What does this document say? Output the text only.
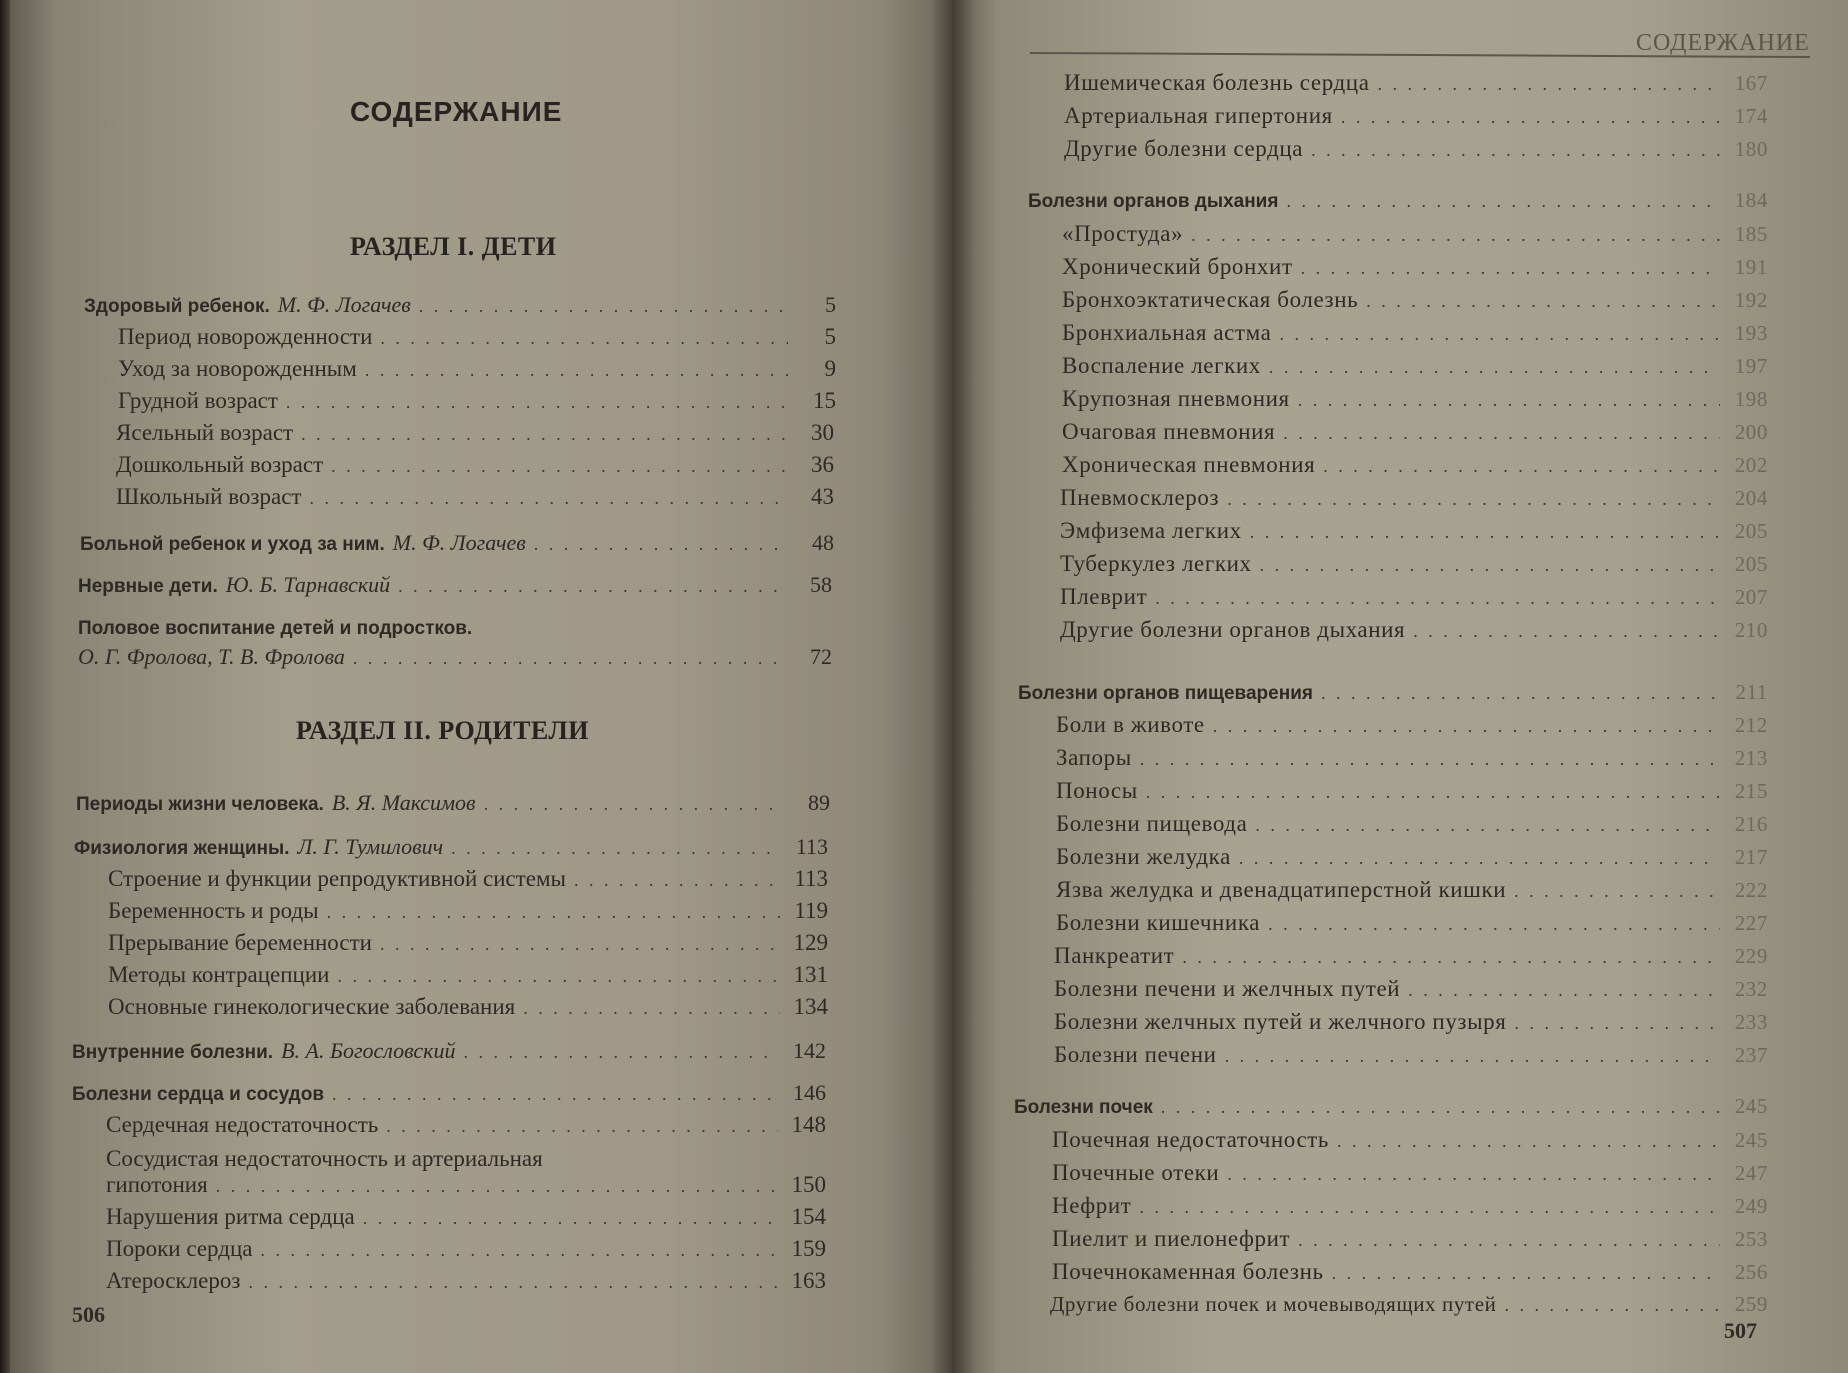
СОДЕРЖАНИЕ
РАЗДЕЛ I. ДЕТИ
Здоровый ребенок. М. Ф. Логачев . . .	5
Период новорожденности . . .	5
Уход за новорожденным . . .	9
Грудной возраст . . .	15
Ясельный возраст . . .	30
Дошкольный возраст . . .	36
Школьный возраст . . .	43
Больной ребенок и уход за ним. М. Ф. Логачев . . .	48
Нервные дети. Ю. Б. Тарнавский . . .	58
Половое воспитание детей и подростков.
О. Г. Фролова, Т. В. Фролова . . .	72
РАЗДЕЛ II. РОДИТЕЛИ
Периоды жизни человека. В. Я. Максимов . . .	89
Физиология женщины. Л. Г. Тумилович . . .	113
Строение и функции репродуктивной системы . . .	113
Беременность и роды . . .	119
Прерывание беременности . . .	129
Методы контрацепции . . .	131
Основные гинекологические заболевания . . .	134
Внутренние болезни. В. А. Богословский . . .	142
Болезни сердца и сосудов . . .	146
Сердечная недостаточность . . .	148
Сосудистая недостаточность и артериальная
гипотония . . .	150
Нарушения ритма сердца . . .	154
Пороки сердца . . .	159
Атеросклероз . . .	163
506
СОДЕРЖАНИЕ
Ишемическая болезнь сердца . . .	167
Артериальная гипертония . . .	174
Другие болезни сердца . . .	180
Болезни органов дыхания . . .	184
«Простуда» . . .	185
Хронический бронхит . . .	191
Бронхоэктатическая болезнь . . .	192
Бронхиальная астма . . .	193
Воспаление легких . . .	197
Крупозная пневмония . . .	198
Очаговая пневмония . . .	200
Хроническая пневмония . . .	202
Пневмосклероз . . .	204
Эмфизема легких . . .	205
Туберкулез легких . . .	205
Плеврит . . .	207
Другие болезни органов дыхания . . .	210
Болезни органов пищеварения . . .	211
Боли в животе . . .	212
Запоры . . .	213
Поносы . . .	215
Болезни пищевода . . .	216
Болезни желудка . . .	217
Язва желудка и двенадцатиперстной кишки . . .	222
Болезни кишечника . . .	227
Панкреатит . . .	229
Болезни печени и желчных путей . . .	232
Болезни желчных путей и желчного пузыря . . .	233
Болезни печени . . .	237
Болезни почек . . .	245
Почечная недостаточность . . .	245
Почечные отеки . . .	247
Нефрит . . .	249
Пиелит и пиелонефрит . . .	253
Почечнокаменная болезнь . . .	256
Другие болезни почек и мочевыводящих путей . . .	259
507
